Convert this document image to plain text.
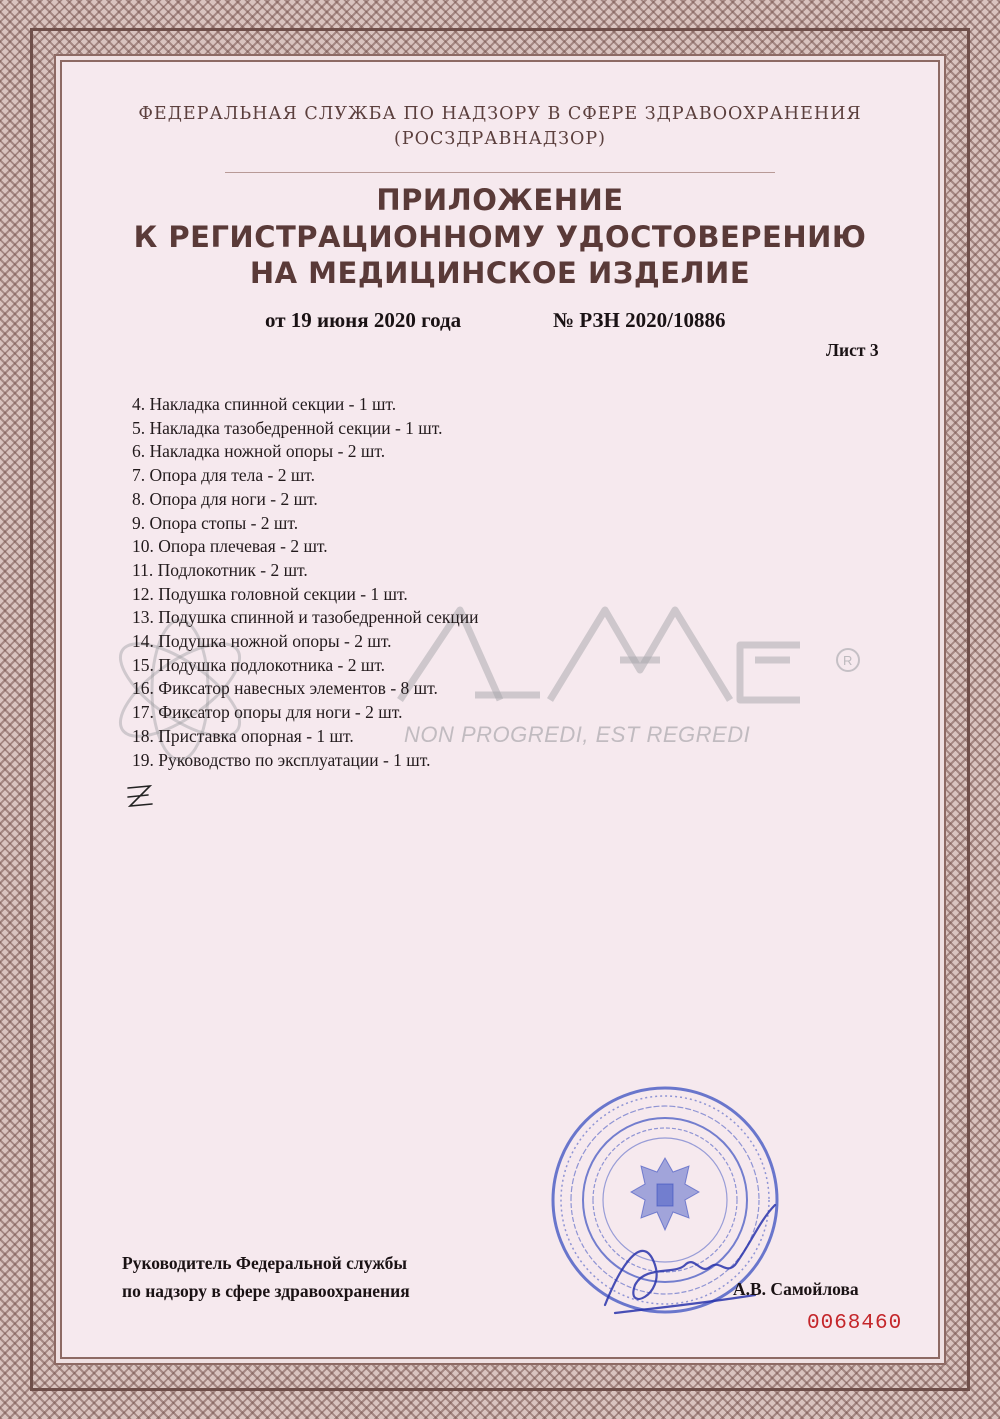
ФЕДЕРАЛЬНАЯ СЛУЖБА ПО НАДЗОРУ В СФЕРЕ ЗДРАВООХРАНЕНИЯ
(РОСЗДРАВНАДЗОР)
ПРИЛОЖЕНИЕ
К РЕГИСТРАЦИОННОМУ УДОСТОВЕРЕНИЮ
НА МЕДИЦИНСКОЕ ИЗДЕЛИЕ
от 19 июня 2020 года	№ РЗН 2020/10886
Лист 3
R
4. Накладка спинной секции - 1 шт.
5. Накладка тазобедренной секции - 1 шт.
6. Накладка ножной опоры - 2 шт.
7. Опора для тела - 2 шт.
8. Опора для ноги - 2 шт.
9. Опора стопы - 2 шт.
10. Опора плечевая - 2 шт.
11. Подлокотник - 2 шт.
12. Подушка головной секции - 1 шт.
13. Подушка спинной и тазобедренной секции
14. Подушка ножной опоры - 2 шт.
15. Подушка подлокотника - 2 шт.
16. Фиксатор навесных элементов - 8 шт.
17. Фиксатор опоры для ноги - 2 шт.
18. Приставка опорная - 1 шт.
19. Руководство по эксплуатации - 1 шт.
NON PROGREDI, EST REGREDI
Руководитель Федеральной службы
по надзору в сфере здравоохранения	А.В. Самойлова
0068460
